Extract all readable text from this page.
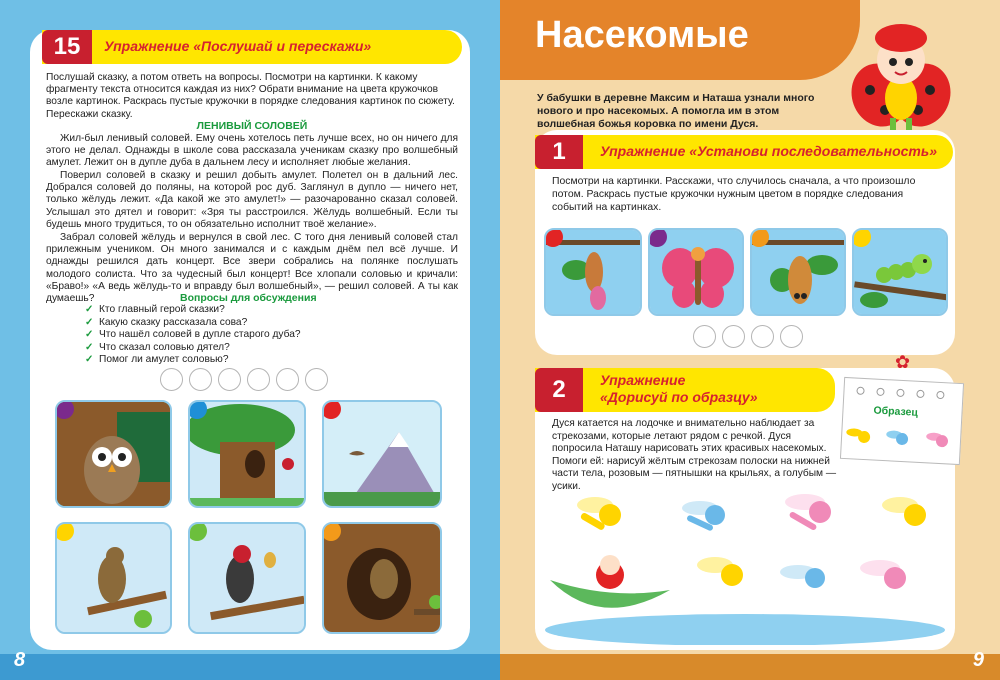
8
15	Упражнение «Послушай и перескажи»
Послушай сказку, а потом ответь на вопросы. Посмотри на картинки. К какому фрагменту текста относится каждая из них? Обрати внимание на цвета кружочков возле картинок. Раскрась пустые кружочки в порядке следования картинок по сюжету. Перескажи сказку.
ЛЕНИВЫЙ СОЛОВЕЙ
Жил-был ленивый соловей. Ему очень хотелось петь лучше всех, но он ничего для этого не делал. Однажды в школе сова рассказала ученикам сказку про волшебный амулет. Лежит он в дупле дуба в дальнем лесу и исполняет любые желания.
Поверил соловей в сказку и решил добыть амулет. Полетел он в дальний лес. Добрался соловей до поляны, на которой рос дуб. Заглянул в дупло — ничего нет, только жёлудь лежит. «Да какой же это амулет!» — разочарованно сказал соловей. Услышал это дятел и говорит: «Зря ты расстроился. Жёлудь волшебный. Если ты будешь много трудиться, то он обязательно исполнит твоё желание».
Забрал соловей жёлудь и вернулся в свой лес. С того дня ленивый соловей стал прилежным учеником. Он много занимался и с каждым днём пел всё лучше. И однажды решился дать концерт. Все звери собрались на полянке послушать молодого солиста. Что за чудесный был концерт! Все хлопали соловью и кричали: «Браво!» «А ведь жёлудь-то и вправду был волшебный», — решил соловей. А ты как думаешь?	Вопросы для обсуждения
✓ Кто главный герой сказки?
✓ Какую сказку рассказала сова?
✓ Что нашёл соловей в дупле старого дуба?
✓ Что сказал соловью дятел?
✓ Помог ли амулет соловью?
Насекомые
9
У бабушки в деревне Максим и Наташа узнали много нового и про насекомых. А помогла им в этом волшебная божья коровка по имени Дуся.
1	Упражнение «Установи последовательность»
Посмотри на картинки. Расскажи, что случилось сначала, а что произошло потом. Раскрась пустые кружочки нужным цветом в порядке следования событий на картинках.
2	Упражнение
«Дорисуй по образцу»
Дуся катается на лодочке и внимательно наблюдает за стрекозами, которые летают рядом с речкой. Дуся попросила Наташу нарисовать этих красивых насекомых. Помоги ей: нарисуй жёлтым стрекозам полоски на нижней части тела, розовым — пятнышки на крыльях, а голубым — усики.
Образец
✿
